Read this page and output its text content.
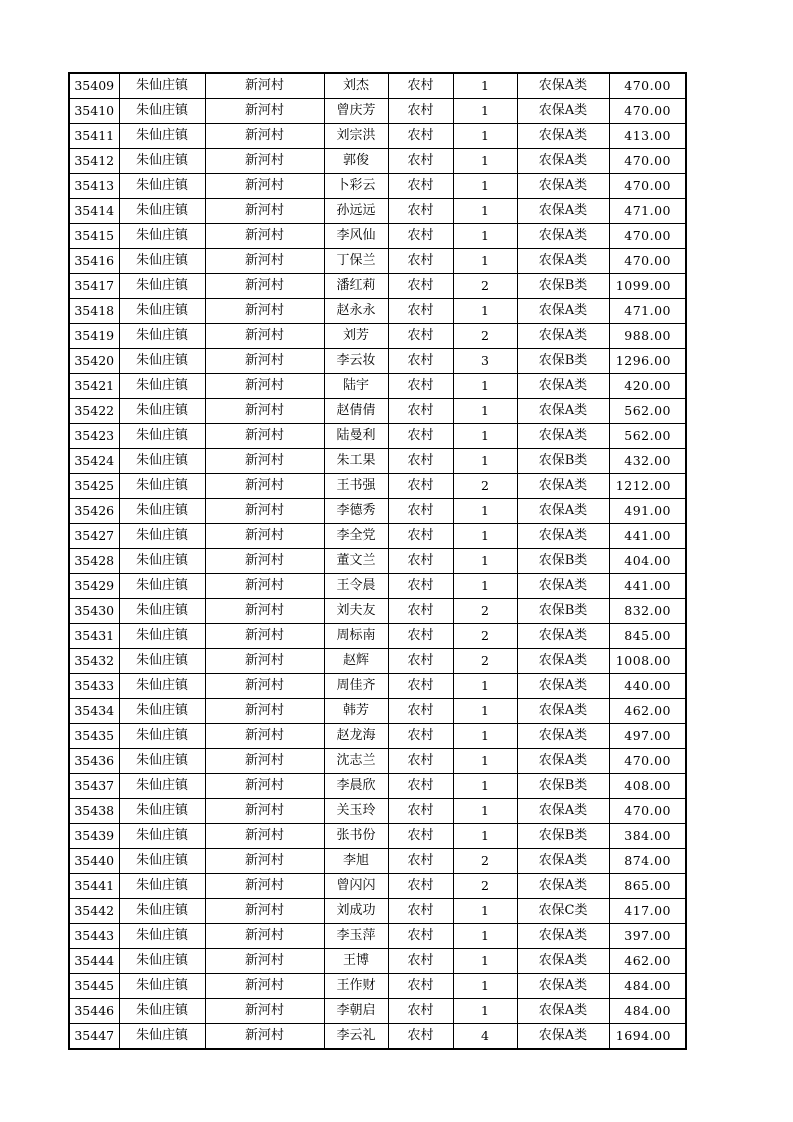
35409	朱仙庄镇	新河村	刘杰	农村	1	农保A类	470.00
35410	朱仙庄镇	新河村	曾庆芳	农村	1	农保A类	470.00
35411	朱仙庄镇	新河村	刘宗洪	农村	1	农保A类	413.00
35412	朱仙庄镇	新河村	郭俊	农村	1	农保A类	470.00
35413	朱仙庄镇	新河村	卜彩云	农村	1	农保A类	470.00
35414	朱仙庄镇	新河村	孙远远	农村	1	农保A类	471.00
35415	朱仙庄镇	新河村	李风仙	农村	1	农保A类	470.00
35416	朱仙庄镇	新河村	丁保兰	农村	1	农保A类	470.00
35417	朱仙庄镇	新河村	潘红莉	农村	2	农保B类	1099.00
35418	朱仙庄镇	新河村	赵永永	农村	1	农保A类	471.00
35419	朱仙庄镇	新河村	刘芳	农村	2	农保A类	988.00
35420	朱仙庄镇	新河村	李云妆	农村	3	农保B类	1296.00
35421	朱仙庄镇	新河村	陆宇	农村	1	农保A类	420.00
35422	朱仙庄镇	新河村	赵倩倩	农村	1	农保A类	562.00
35423	朱仙庄镇	新河村	陆曼利	农村	1	农保A类	562.00
35424	朱仙庄镇	新河村	朱工果	农村	1	农保B类	432.00
35425	朱仙庄镇	新河村	王书强	农村	2	农保A类	1212.00
35426	朱仙庄镇	新河村	李德秀	农村	1	农保A类	491.00
35427	朱仙庄镇	新河村	李全党	农村	1	农保A类	441.00
35428	朱仙庄镇	新河村	董文兰	农村	1	农保B类	404.00
35429	朱仙庄镇	新河村	王令晨	农村	1	农保A类	441.00
35430	朱仙庄镇	新河村	刘夫友	农村	2	农保B类	832.00
35431	朱仙庄镇	新河村	周标南	农村	2	农保A类	845.00
35432	朱仙庄镇	新河村	赵辉	农村	2	农保A类	1008.00
35433	朱仙庄镇	新河村	周佳齐	农村	1	农保A类	440.00
35434	朱仙庄镇	新河村	韩芳	农村	1	农保A类	462.00
35435	朱仙庄镇	新河村	赵龙海	农村	1	农保A类	497.00
35436	朱仙庄镇	新河村	沈志兰	农村	1	农保A类	470.00
35437	朱仙庄镇	新河村	李晨欣	农村	1	农保B类	408.00
35438	朱仙庄镇	新河村	关玉玲	农村	1	农保A类	470.00
35439	朱仙庄镇	新河村	张书份	农村	1	农保B类	384.00
35440	朱仙庄镇	新河村	李旭	农村	2	农保A类	874.00
35441	朱仙庄镇	新河村	曾闪闪	农村	2	农保A类	865.00
35442	朱仙庄镇	新河村	刘成功	农村	1	农保C类	417.00
35443	朱仙庄镇	新河村	李玉萍	农村	1	农保A类	397.00
35444	朱仙庄镇	新河村	王博	农村	1	农保A类	462.00
35445	朱仙庄镇	新河村	王作财	农村	1	农保A类	484.00
35446	朱仙庄镇	新河村	李朝启	农村	1	农保A类	484.00
35447	朱仙庄镇	新河村	李云礼	农村	4	农保A类	1694.00
